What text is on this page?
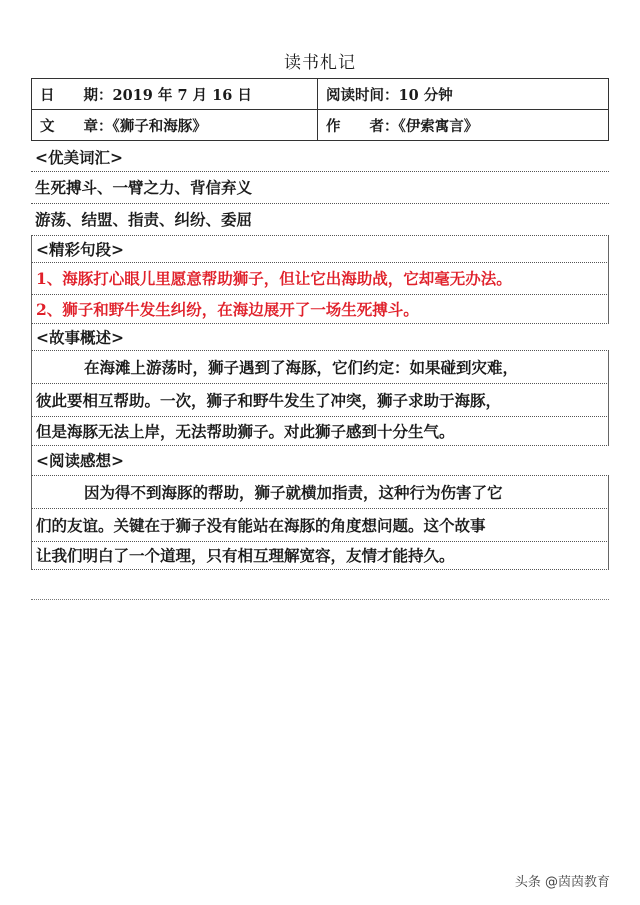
读书札记
日　　期：2019 年 7 月 16 日	阅读时间：10 分钟
文　　章：《狮子和海豚》	作　　者：《伊索寓言》
<优美词汇>
生死搏斗、一臂之力、背信弃义
游荡、结盟、指责、纠纷、委屈
<精彩句段>
1、海豚打心眼儿里愿意帮助狮子，但让它出海助战，它却毫无办法。
2、狮子和野牛发生纠纷，在海边展开了一场生死搏斗。
<故事概述>
在海滩上游荡时，狮子遇到了海豚，它们约定：如果碰到灾难，
彼此要相互帮助。一次，狮子和野牛发生了冲突，狮子求助于海豚，
但是海豚无法上岸，无法帮助狮子。对此狮子感到十分生气。
<阅读感想>
因为得不到海豚的帮助，狮子就横加指责，这种行为伤害了它
们的友谊。关键在于狮子没有能站在海豚的角度想问题。这个故事
让我们明白了一个道理，只有相互理解宽容，友情才能持久。
头条 @茵茵教育
